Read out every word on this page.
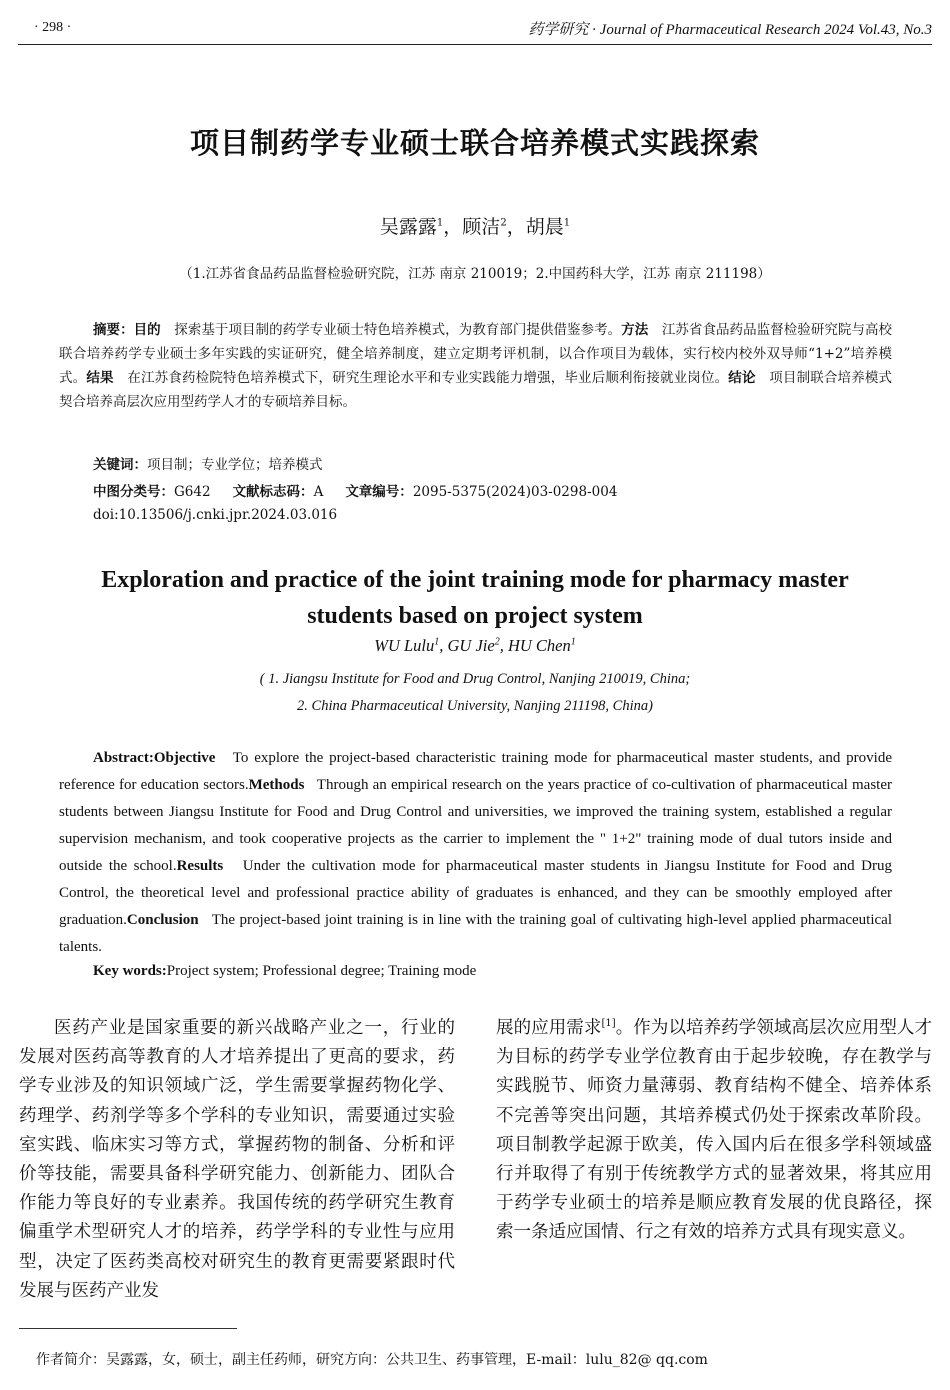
· 298 ·	药学研究 · Journal of Pharmaceutical Research 2024 Vol.43, No.3
项目制药学专业硕士联合培养模式实践探索
吴露露$^1$，顾洁$^2$，胡晨$^1$
（1.江苏省食品药品监督检验研究院，江苏 南京 210019；2.中国药科大学，江苏 南京 211198）
摘要：目的　探索基于项目制的药学专业硕士特色培养模式，为教育部门提供借鉴参考。方法　江苏省食品药品监督检验研究院与高校联合培养药学专业硕士多年实践的实证研究，健全培养制度，建立定期考评机制，以合作项目为载体，实行校内校外双导师“1+2”培养模式。结果　在江苏食药检院特色培养模式下，研究生理论水平和专业实践能力增强，毕业后顺利衔接就业岗位。结论　项目制联合培养模式契合培养高层次应用型药学人才的专硕培养目标。
关键词：项目制；专业学位；培养模式
中图分类号：G642 文献标志码：A 文章编号：2095-5375(2024)03-0298-004
doi:10.13506/j.cnki.jpr.2024.03.016
Exploration and practice of the joint training mode for pharmacy master students based on project system
WU Lulu$^1$, GU Jie$^2$, HU Chen$^1$
( 1. Jiangsu Institute for Food and Drug Control, Nanjing 210019, China;
2. China Pharmaceutical University, Nanjing 211198, China)
Abstract:Objective   To explore the project-based characteristic training mode for pharmaceutical master students, and provide reference for education sectors.Methods   Through an empirical research on the years practice of co-cultivation of pharmaceutical master students between Jiangsu Institute for Food and Drug Control and universities, we improved the training system, established a regular supervision mechanism, and took cooperative projects as the carrier to implement the " 1+2" training mode of dual tutors inside and outside the school.Results   Under the cultivation mode for pharmaceutical master students in Jiangsu Institute for Food and Drug Control, the theoretical level and professional practice ability of graduates is enhanced, and they can be smoothly employed after graduation.Conclusion   The project-based joint training is in line with the training goal of cultivating high-level applied pharmaceutical talents.
Key words:Project system; Professional degree; Training mode
医药产业是国家重要的新兴战略产业之一，行业的发展对医药高等教育的人才培养提出了更高的要求，药学专业涉及的知识领域广泛，学生需要掌握药物化学、药理学、药剂学等多个学科的专业知识，需要通过实验室实践、临床实习等方式，掌握药物的制备、分析和评价等技能，需要具备科学研究能力、创新能力、团队合作能力等良好的专业素养。我国传统的药学研究生教育偏重学术型研究人才的培养，药学学科的专业性与应用型，决定了医药类高校对研究生的教育更需要紧跟时代发展与医药产业发
展的应用需求[1]。作为以培养药学领域高层次应用型人才为目标的药学专业学位教育由于起步较晚，存在教学与实践脱节、师资力量薄弱、教育结构不健全、培养体系不完善等突出问题，其培养模式仍处于探索改革阶段。项目制教学起源于欧美，传入国内后在很多学科领域盛行并取得了有别于传统教学方式的显著效果，将其应用于药学专业硕士的培养是顺应教育发展的优良路径，探索一条适应国情、行之有效的培养方式具有现实意义。
作者简介：吴露露，女，硕士，副主任药师，研究方向：公共卫生、药事管理，E-mail：lulu_82@ qq.com
